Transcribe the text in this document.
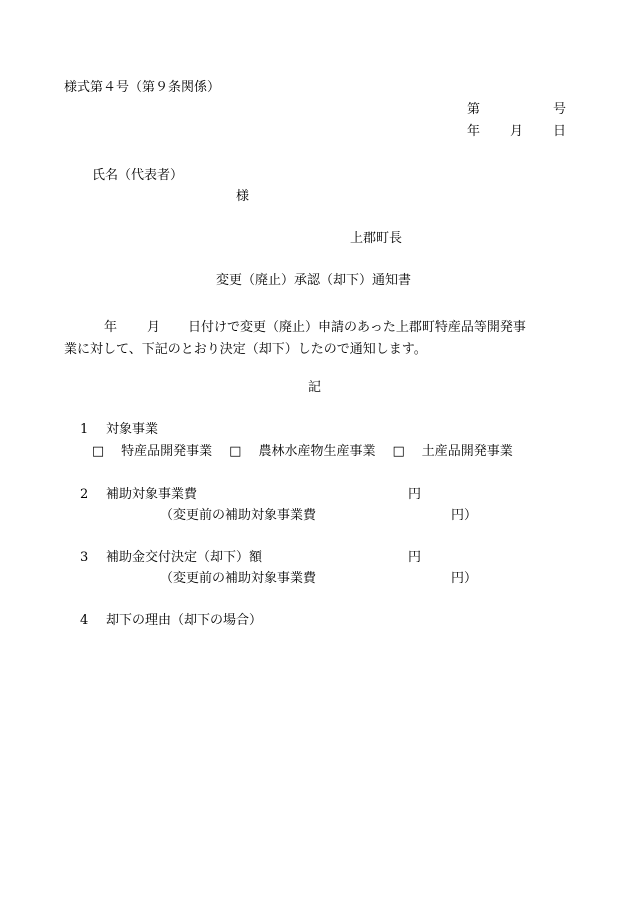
様式第４号（第９条関係）
第	号
年 月 日
氏名（代表者）
様
上郡町長
変更（廃止）承認（却下）通知書
年 月 日付けで変更（廃止）申請のあった上郡町特産品等開発事
業に対して、下記のとおり決定（却下）したので通知します。
記
1 対象事業
□ 特産品開発事業 □ 農林水産物生産事業 □ 土産品開発事業
2 補助対象事業費	円
（変更前の補助対象事業費	円）
3 補助金交付決定（却下）額	円
（変更前の補助対象事業費	円）
4 却下の理由（却下の場合）
